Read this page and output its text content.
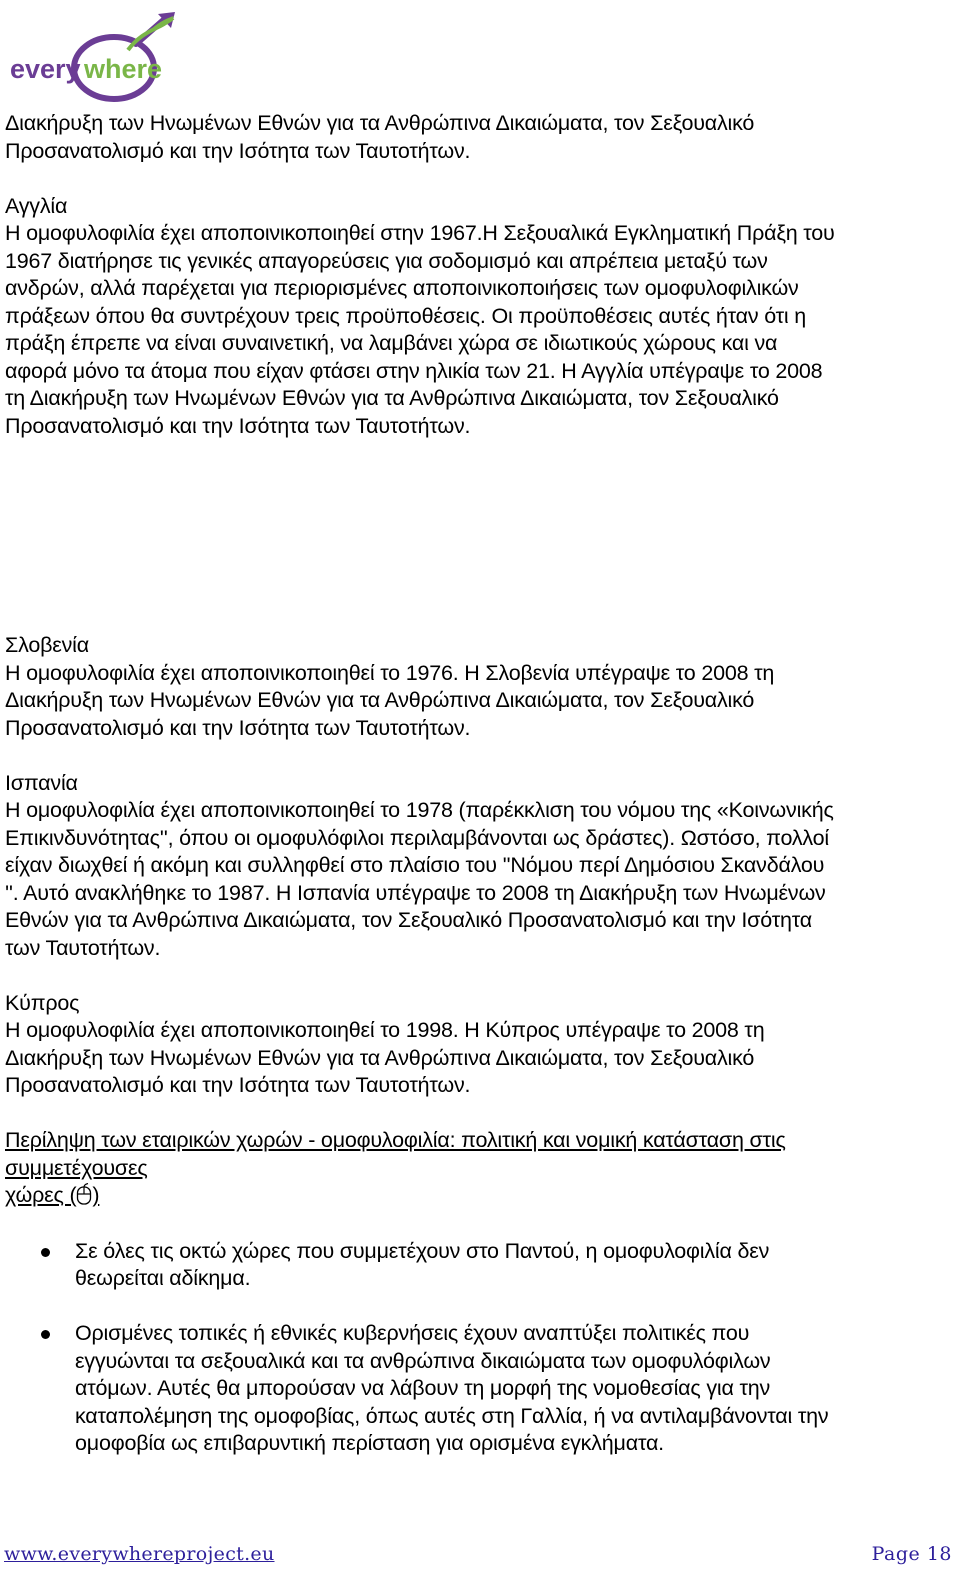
every where

Διακήρυξη των Ηνωμένων Εθνών για τα Ανθρώπινα Δικαιώματα, τον Σεξουαλικό

Προσανατολισμό και την Ισότητα των Ταυτοτήτων.

Αγγλία

Η ομοφυλοφιλία έχει αποποινικοποιηθεί στην 1967.Η Σεξουαλικά Εγκληματική Πράξη του

1967 διατήρησε τις γενικές απαγορεύσεις για σοδομισμό και απρέπεια μεταξύ των

ανδρών, αλλά παρέχεται για περιορισμένες αποποινικοποιήσεις των ομοφυλοφιλικών

πράξεων όπου θα συντρέχουν τρεις προϋποθέσεις. Οι προϋποθέσεις αυτές ήταν ότι η

πράξη έπρεπε να είναι συναινετική, να λαμβάνει χώρα σε ιδιωτικούς χώρους και να

αφορά μόνο τα άτομα που είχαν φτάσει στην ηλικία των 21. Η Αγγλία υπέγραψε το 2008

τη Διακήρυξη των Ηνωμένων Εθνών για τα Ανθρώπινα Δικαιώματα, τον Σεξουαλικό

Προσανατολισμό και την Ισότητα των Ταυτοτήτων.

Σλοβενία

Η ομοφυλοφιλία έχει αποποινικοποιηθεί το 1976. Η Σλοβενία υπέγραψε το 2008 τη

Διακήρυξη των Ηνωμένων Εθνών για τα Ανθρώπινα Δικαιώματα, τον Σεξουαλικό

Προσανατολισμό και την Ισότητα των Ταυτοτήτων.

Ισπανία

Η ομοφυλοφιλία έχει αποποινικοποιηθεί το 1978 (παρέκκλιση του νόμου της «Κοινωνικής

Επικινδυνότητας'', όπου οι ομοφυλόφιλοι περιλαμβάνονται ως δράστες). Ωστόσο, πολλοί

είχαν διωχθεί ή ακόμη και συλληφθεί στο πλαίσιο του ''Νόμου περί Δημόσιου Σκανδάλου

''. Αυτό ανακλήθηκε το 1987. Η Ισπανία υπέγραψε το 2008 τη Διακήρυξη των Ηνωμένων

Εθνών για τα Ανθρώπινα Δικαιώματα, τον Σεξουαλικό Προσανατολισμό και την Ισότητα

των Ταυτοτήτων.

Κύπρος

Η ομοφυλοφιλία έχει αποποινικοποιηθεί το 1998. Η Κύπρος υπέγραψε το 2008 τη

Διακήρυξη των Ηνωμένων Εθνών για τα Ανθρώπινα Δικαιώματα, τον Σεξουαλικό

Προσανατολισμό και την Ισότητα των Ταυτοτήτων.

Περίληψη των εταιρικών χωρών - ομοφυλοφιλία: πολιτική και νομική κατάσταση στις

συμμετέχουσες

χώρες ( )

Σε όλες τις οκτώ χώρες που συμμετέχουν στο Παντού, η ομοφυλοφιλία δεν

θεωρείται αδίκημα.

Ορισμένες τοπικές ή εθνικές κυβερνήσεις έχουν αναπτύξει πολιτικές που

εγγυώνται τα σεξουαλικά και τα ανθρώπινα δικαιώματα των ομοφυλόφιλων

ατόμων. Αυτές θα μπορούσαν να λάβουν τη μορφή της νομοθεσίας για την

καταπολέμηση της ομοφοβίας, όπως αυτές στη Γαλλία, ή να αντιλαμβάνονται την

ομοφοβία ως επιβαρυντική περίσταση για ορισμένα εγκλήματα.

www.everywhereproject.eu	Page 18
